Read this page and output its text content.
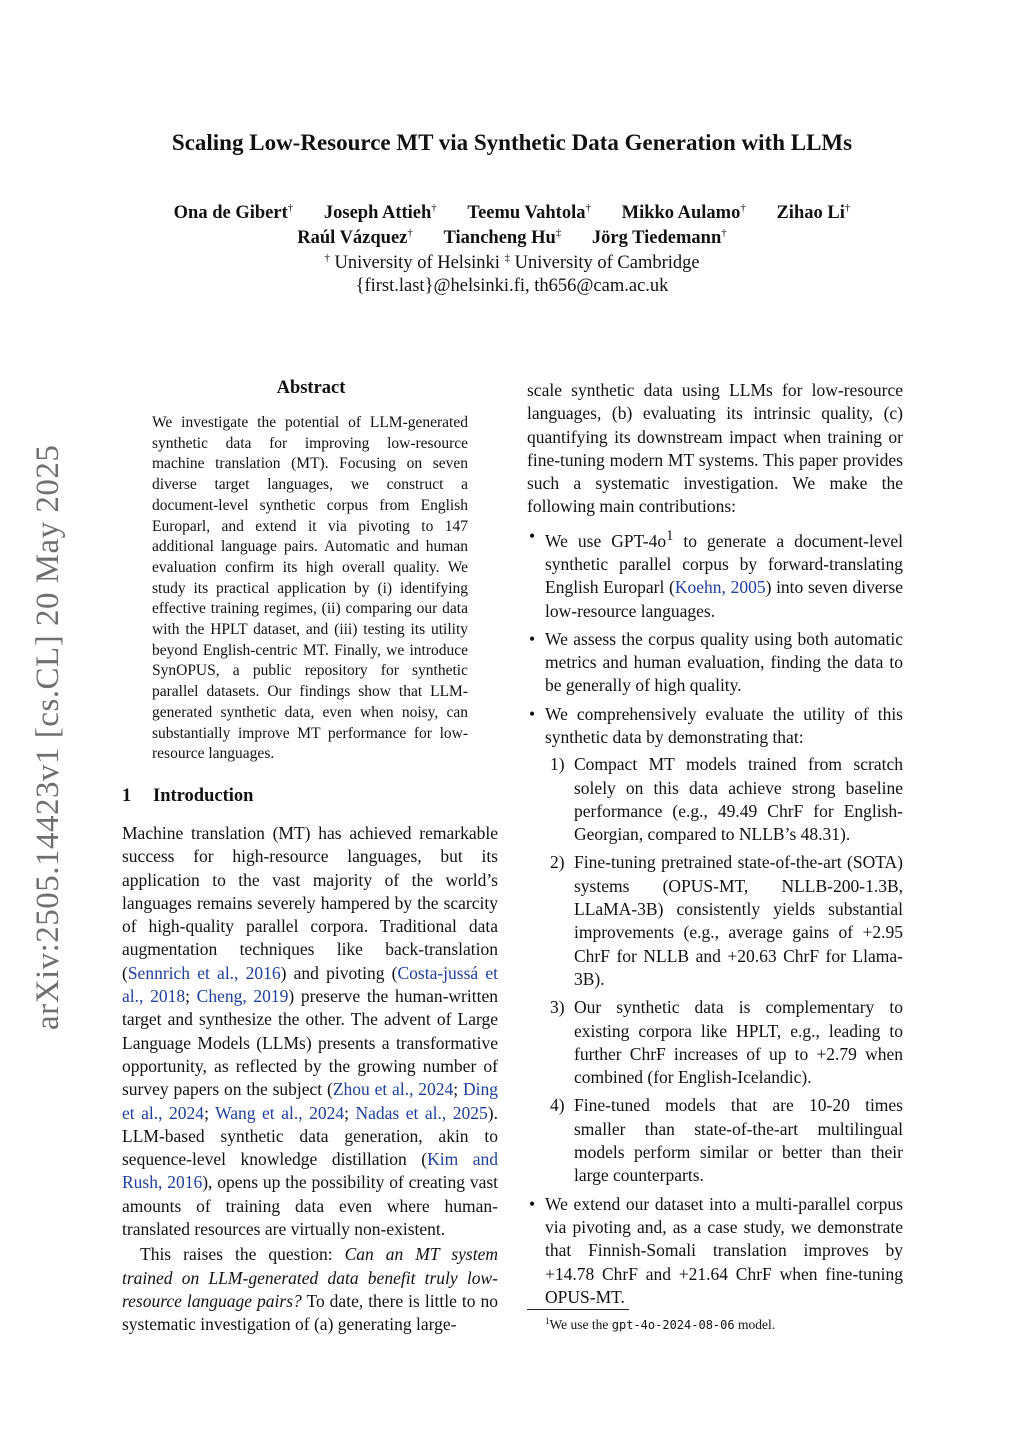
arXiv:2505.14423v1 [cs.CL] 20 May 2025
Scaling Low-Resource MT via Synthetic Data Generation with LLMs
Ona de Gibert† Joseph Attieh† Teemu Vahtola† Mikko Aulamo† Zihao Li†
Raúl Vázquez† Tiancheng Hu‡ Jörg Tiedemann†
† University of Helsinki ‡ University of Cambridge
{first.last}@helsinki.fi, th656@cam.ac.uk
Abstract
We investigate the potential of LLM-generated synthetic data for improving low-resource machine translation (MT). Focusing on seven diverse target languages, we construct a document-level synthetic corpus from English Europarl, and extend it via pivoting to 147 additional language pairs. Automatic and human evaluation confirm its high overall quality. We study its practical application by (i) identifying effective training regimes, (ii) comparing our data with the HPLT dataset, and (iii) testing its utility beyond English-centric MT. Finally, we introduce SynOPUS, a public repository for synthetic parallel datasets. Our findings show that LLM-generated synthetic data, even when noisy, can substantially improve MT performance for low-resource languages.
1 Introduction

Machine translation (MT) has achieved remarkable success for high-resource languages, but its application to the vast majority of the world’s languages remains severely hampered by the scarcity of high-quality parallel corpora. Traditional data augmentation techniques like back-translation (Sennrich et al., 2016) and pivoting (Costa-jussá et al., 2018; Cheng, 2019) preserve the human-written target and synthesize the other. The advent of Large Language Models (LLMs) presents a transformative opportunity, as reflected by the growing number of survey papers on the subject (Zhou et al., 2024; Ding et al., 2024; Wang et al., 2024; Nadas et al., 2025). LLM-based synthetic data generation, akin to sequence-level knowledge distillation (Kim and Rush, 2016), opens up the possibility of creating vast amounts of training data even where human-translated resources are virtually non-existent.

This raises the question: Can an MT system trained on LLM-generated data benefit truly low-resource language pairs? To date, there is little to no systematic investigation of (a) generating large-

scale synthetic data using LLMs for low-resource languages, (b) evaluating its intrinsic quality, (c) quantifying its downstream impact when training or fine-tuning modern MT systems. This paper provides such a systematic investigation. We make the following main contributions:

• We use GPT-$4o^1$ to generate a document-level synthetic parallel corpus by forward-translating English Europarl (Koehn, 2005) into seven diverse low-resource languages.
• We assess the corpus quality using both automatic metrics and human evaluation, finding the data to be generally of high quality.
• We comprehensively evaluate the utility of this synthetic data by demonstrating that:
1) Compact MT models trained from scratch solely on this data achieve strong baseline performance (e.g., 49.49 ChrF for English-Georgian, compared to NLLB’s 48.31).
2) Fine-tuning pretrained state-of-the-art (SOTA) systems (OPUS-MT, NLLB-200-1.3B, LLaMA-3B) consistently yields substantial improvements (e.g., average gains of +2.95 ChrF for NLLB and +20.63 ChrF for Llama-3B).
3) Our synthetic data is complementary to existing corpora like HPLT, e.g., leading to further ChrF increases of up to +2.79 when combined (for English-Icelandic).
4) Fine-tuned models that are 10-20 times smaller than state-of-the-art multilingual models perform similar or better than their large counterparts.
• We extend our dataset into a multi-parallel corpus via pivoting and, as a case study, we demonstrate that Finnish-Somali translation improves by +14.78 ChrF and +21.64 ChrF when fine-tuning OPUS-MT.
$^1$We use the gpt-4o-2024-08-06 model.
